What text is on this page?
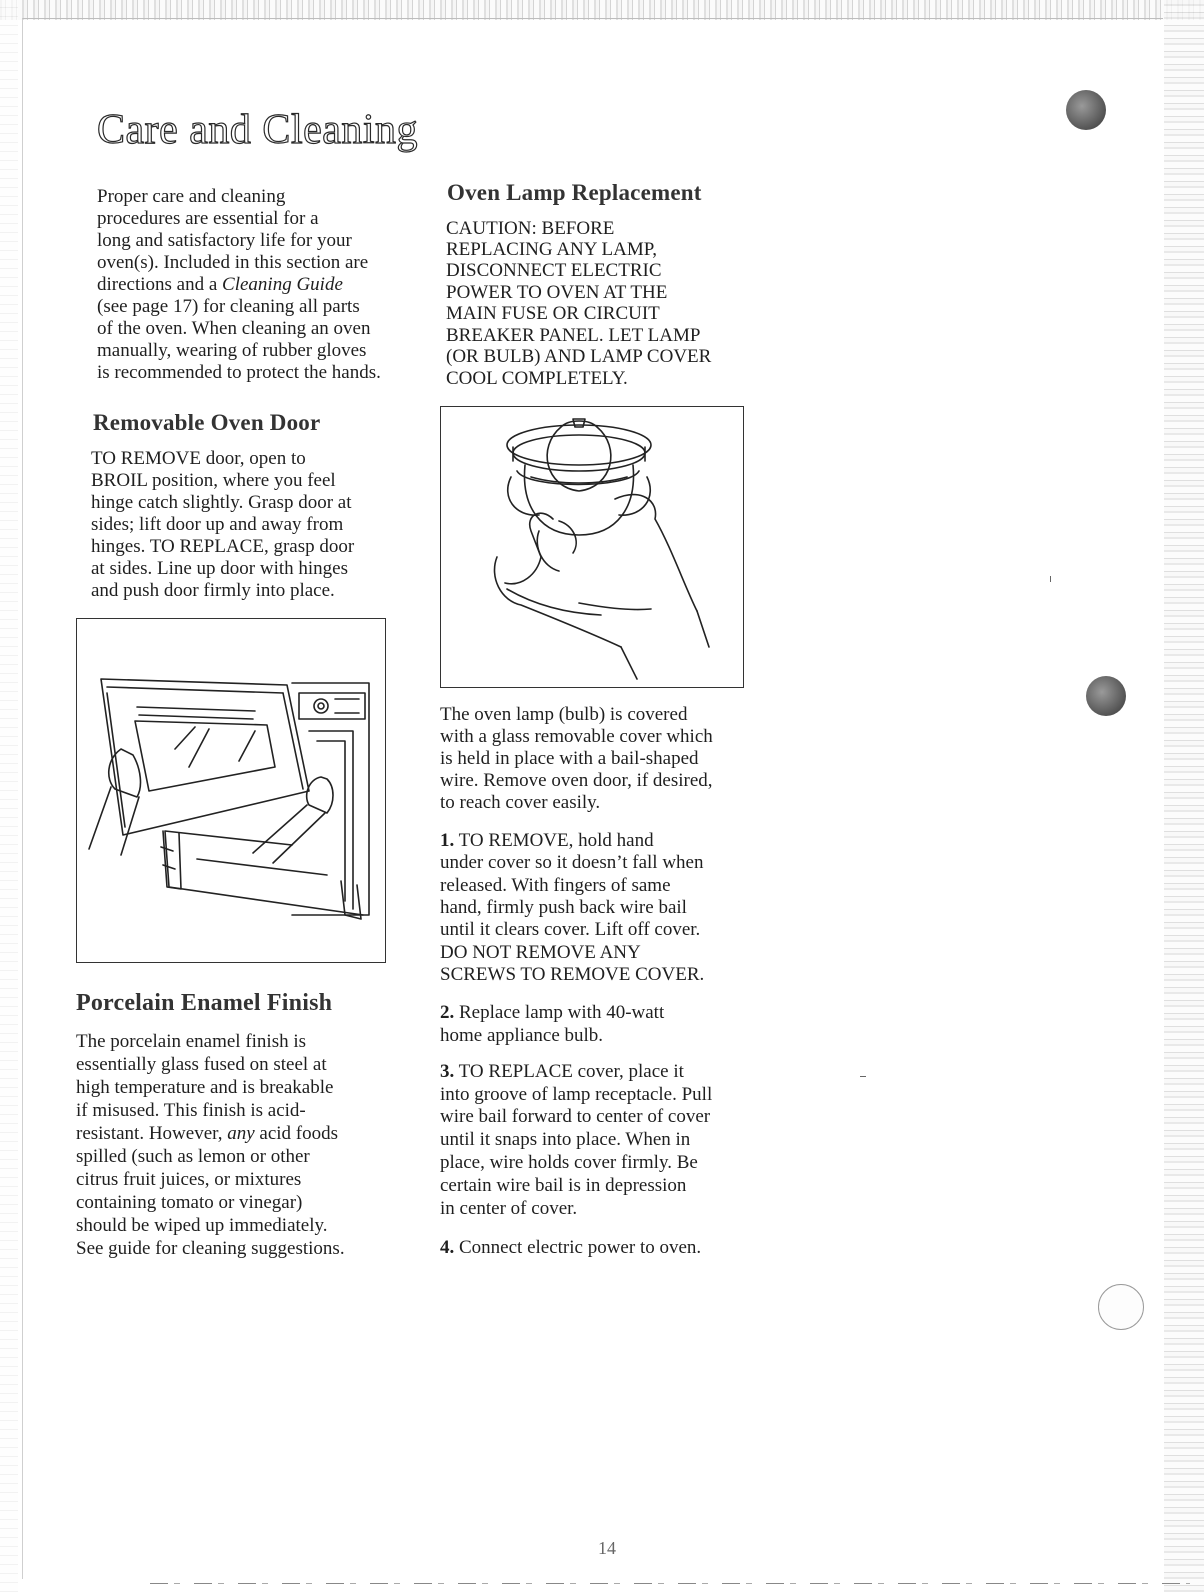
Care and Cleaning

Proper care and cleaning

procedures are essential for a

long and satisfactory life for your

oven(s). Included in this section are

directions and a Cleaning Guide

(see page 17) for cleaning all parts

of the oven. When cleaning an oven

manually, wearing of rubber gloves

is recommended to protect the hands.

Removable Oven Door

TO REMOVE door, open to

BROIL position, where you feel

hinge catch slightly. Grasp door at

sides; lift door up and away from

hinges. TO REPLACE, grasp door

at sides. Line up door with hinges

and push door firmly into place.

Porcelain Enamel Finish

The porcelain enamel finish is

essentially glass fused on steel at

high temperature and is breakable

if misused. This finish is acid-

resistant. However, any acid foods

spilled (such as lemon or other

citrus fruit juices, or mixtures

containing tomato or vinegar)

should be wiped up immediately.

See guide for cleaning suggestions.

Oven Lamp Replacement

CAUTION: BEFORE

REPLACING ANY LAMP,

DISCONNECT ELECTRIC

POWER TO OVEN AT THE

MAIN FUSE OR CIRCUIT

BREAKER PANEL. LET LAMP

(OR BULB) AND LAMP COVER

COOL COMPLETELY.

The oven lamp (bulb) is covered

with a glass removable cover which

is held in place with a bail-shaped

wire. Remove oven door, if desired,

to reach cover easily.

1. TO REMOVE, hold hand

under cover so it doesn’t fall when

released. With fingers of same

hand, firmly push back wire bail

until it clears cover. Lift off cover.

DO NOT REMOVE ANY

SCREWS TO REMOVE COVER.

2. Replace lamp with 40-watt

home appliance bulb.

3. TO REPLACE cover, place it

into groove of lamp receptacle. Pull

wire bail forward to center of cover

until it snaps into place. When in

place, wire holds cover firmly. Be

certain wire bail is in depression

in center of cover.

4. Connect electric power to oven.

14
